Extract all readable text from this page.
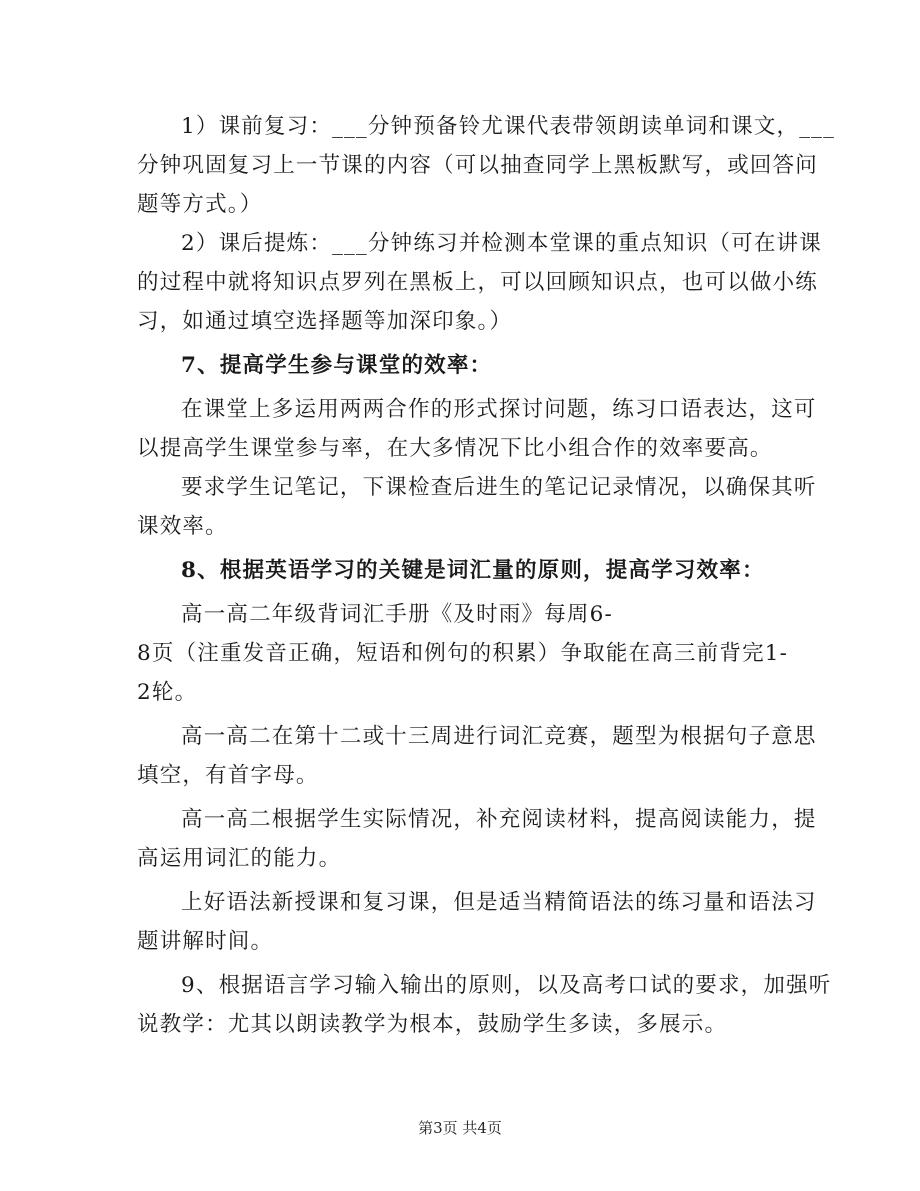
1）课前复习：___分钟预备铃尤课代表带领朗读单词和课文，___
分钟巩固复习上一节课的内容（可以抽查同学上黑板默写，或回答问
题等方式。）
2）课后提炼：___分钟练习并检测本堂课的重点知识（可在讲课
的过程中就将知识点罗列在黑板上，可以回顾知识点，也可以做小练
习，如通过填空选择题等加深印象。）
7、提高学生参与课堂的效率：
在课堂上多运用两两合作的形式探讨问题，练习口语表达，这可
以提高学生课堂参与率，在大多情况下比小组合作的效率要高。
要求学生记笔记，下课检查后进生的笔记记录情况，以确保其听
课效率。
8、根据英语学习的关键是词汇量的原则，提高学习效率：
高一高二年级背词汇手册《及时雨》每周6-
8页（注重发音正确，短语和例句的积累）争取能在高三前背完1-
2轮。
高一高二在第十二或十三周进行词汇竞赛，题型为根据句子意思
填空，有首字母。
高一高二根据学生实际情况，补充阅读材料，提高阅读能力，提
高运用词汇的能力。
上好语法新授课和复习课，但是适当精简语法的练习量和语法习
题讲解时间。
9、根据语言学习输入输出的原则，以及高考口试的要求，加强听
说教学：尤其以朗读教学为根本，鼓励学生多读，多展示。
第3页 共4页
